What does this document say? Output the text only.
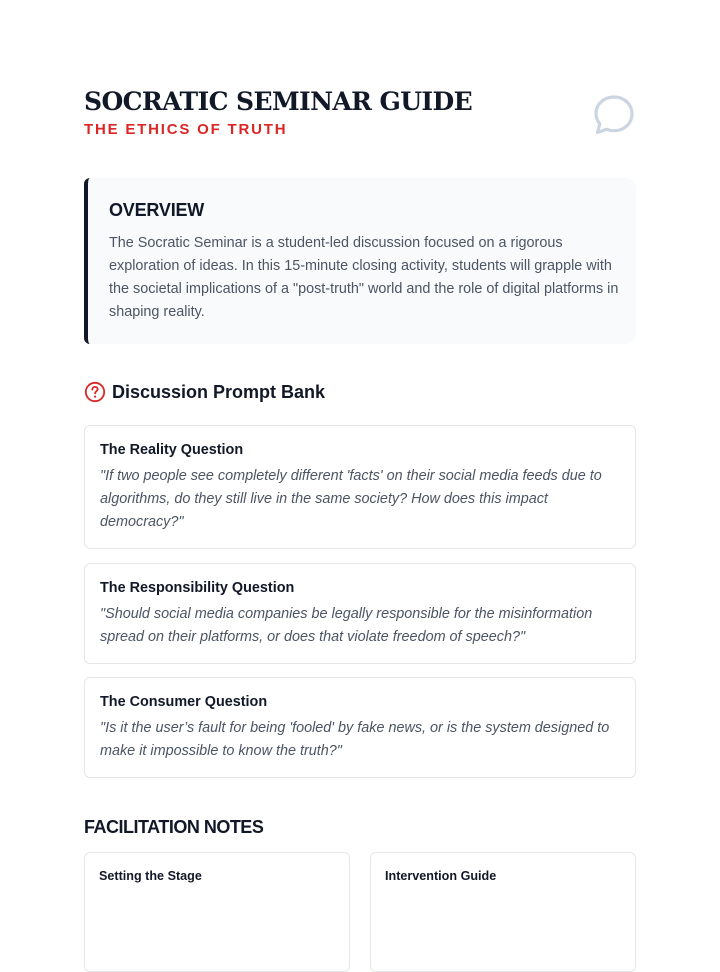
SOCRATIC SEMINAR GUIDE
THE ETHICS OF TRUTH
OVERVIEW

The Socratic Seminar is a student-led discussion focused on a rigorous exploration of ideas. In this 15-minute closing activity, students will grapple with the societal implications of a "post-truth" world and the role of digital platforms in shaping reality.

Discussion Prompt Bank
The Reality Question

"If two people see completely different 'facts' on their social media feeds due to algorithms, do they still live in the same society? How does this impact democracy?"

The Responsibility Question

"Should social media companies be legally responsible for the misinformation spread on their platforms, or does that violate freedom of speech?"

The Consumer Question

"Is it the user’s fault for being 'fooled' by fake news, or is the system designed to make it impossible to know the truth?"

FACILITATION NOTES
Setting the Stage	Intervention Guide
